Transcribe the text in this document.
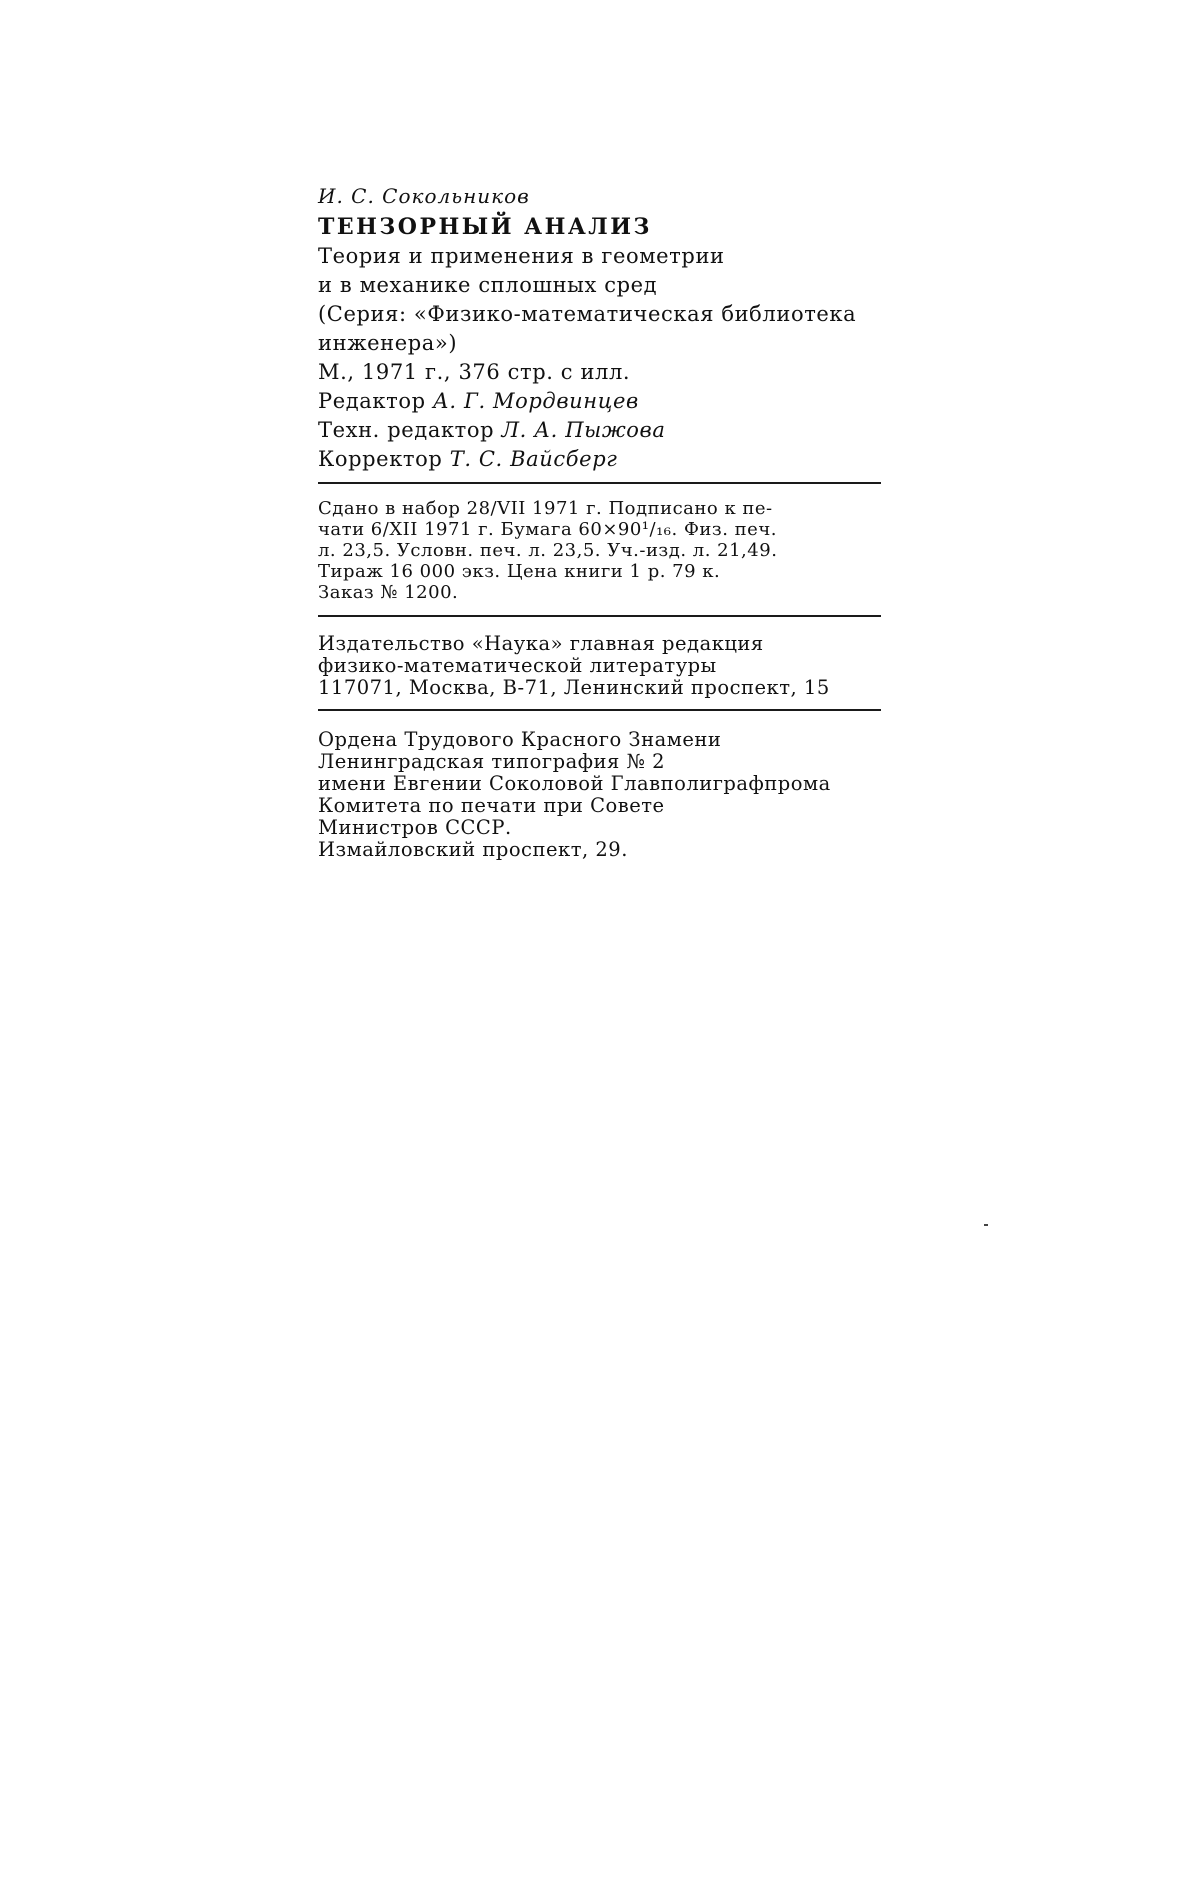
И. С. Сокольников
ТЕНЗОРНЫЙ АНАЛИЗ
Теория и применения в геометрии
и в механике сплошных сред
(Серия: «Физико-математическая библиотека
инженера»)
М., 1971 г., 376 стр. с илл.
Редактор А. Г. Мордвинцев
Техн. редактор Л. А. Пыжова
Корректор Т. С. Вайсберг
Сдано в набор 28/VII 1971 г. Подписано к пе-
чати 6/XII 1971 г. Бумага 60×90¹/₁₆. Физ. печ.
л. 23,5. Условн. печ. л. 23,5. Уч.-изд. л. 21,49.
Тираж 16 000 экз. Цена книги 1 р. 79 к.
Заказ № 1200.
Издательство «Наука» главная редакция
физико-математической литературы
117071, Москва, В-71, Ленинский проспект, 15
Ордена Трудового Красного Знамени
Ленинградская типография № 2
имени Евгении Соколовой Главполиграфпрома
Комитета по печати при Совете
Министров СССР.
Измайловский проспект, 29.
